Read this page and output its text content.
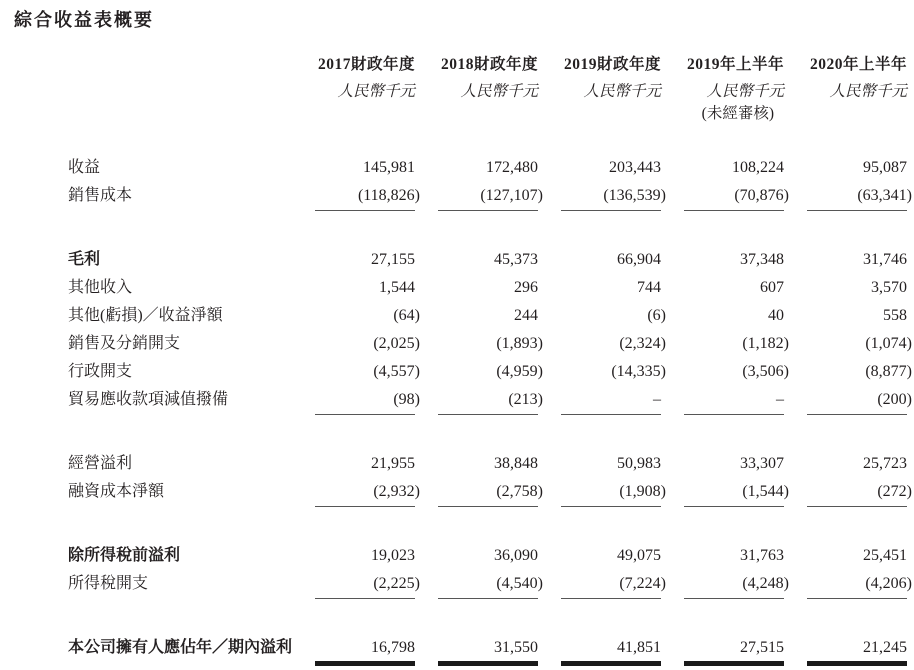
綜合收益表概要
	2017財政年度	2018財政年度	2019財政年度	2019年上半年	2020年上半年
	人民幣千元	人民幣千元	人民幣千元	人民幣千元	人民幣千元
				(未經審核)	

收益	145,981	172,480	203,443	108,224	95,087
銷售成本	(118,826)	(127,107)	(136,539)	(70,876)	(63,341)

毛利	27,155	45,373	66,904	37,348	31,746
其他收入	1,544	296	744	607	3,570
其他(虧損)／收益淨額	(64)	244	(6)	40	558
銷售及分銷開支	(2,025)	(1,893)	(2,324)	(1,182)	(1,074)
行政開支	(4,557)	(4,959)	(14,335)	(3,506)	(8,877)
貿易應收款項減值撥備	(98)	(213)	–	–	(200)

經營溢利	21,955	38,848	50,983	33,307	25,723
融資成本淨額	(2,932)	(2,758)	(1,908)	(1,544)	(272)

除所得稅前溢利	19,023	36,090	49,075	31,763	25,451
所得稅開支	(2,225)	(4,540)	(7,224)	(4,248)	(4,206)

本公司擁有人應佔年／期內溢利	16,798	31,550	41,851	27,515	21,245
